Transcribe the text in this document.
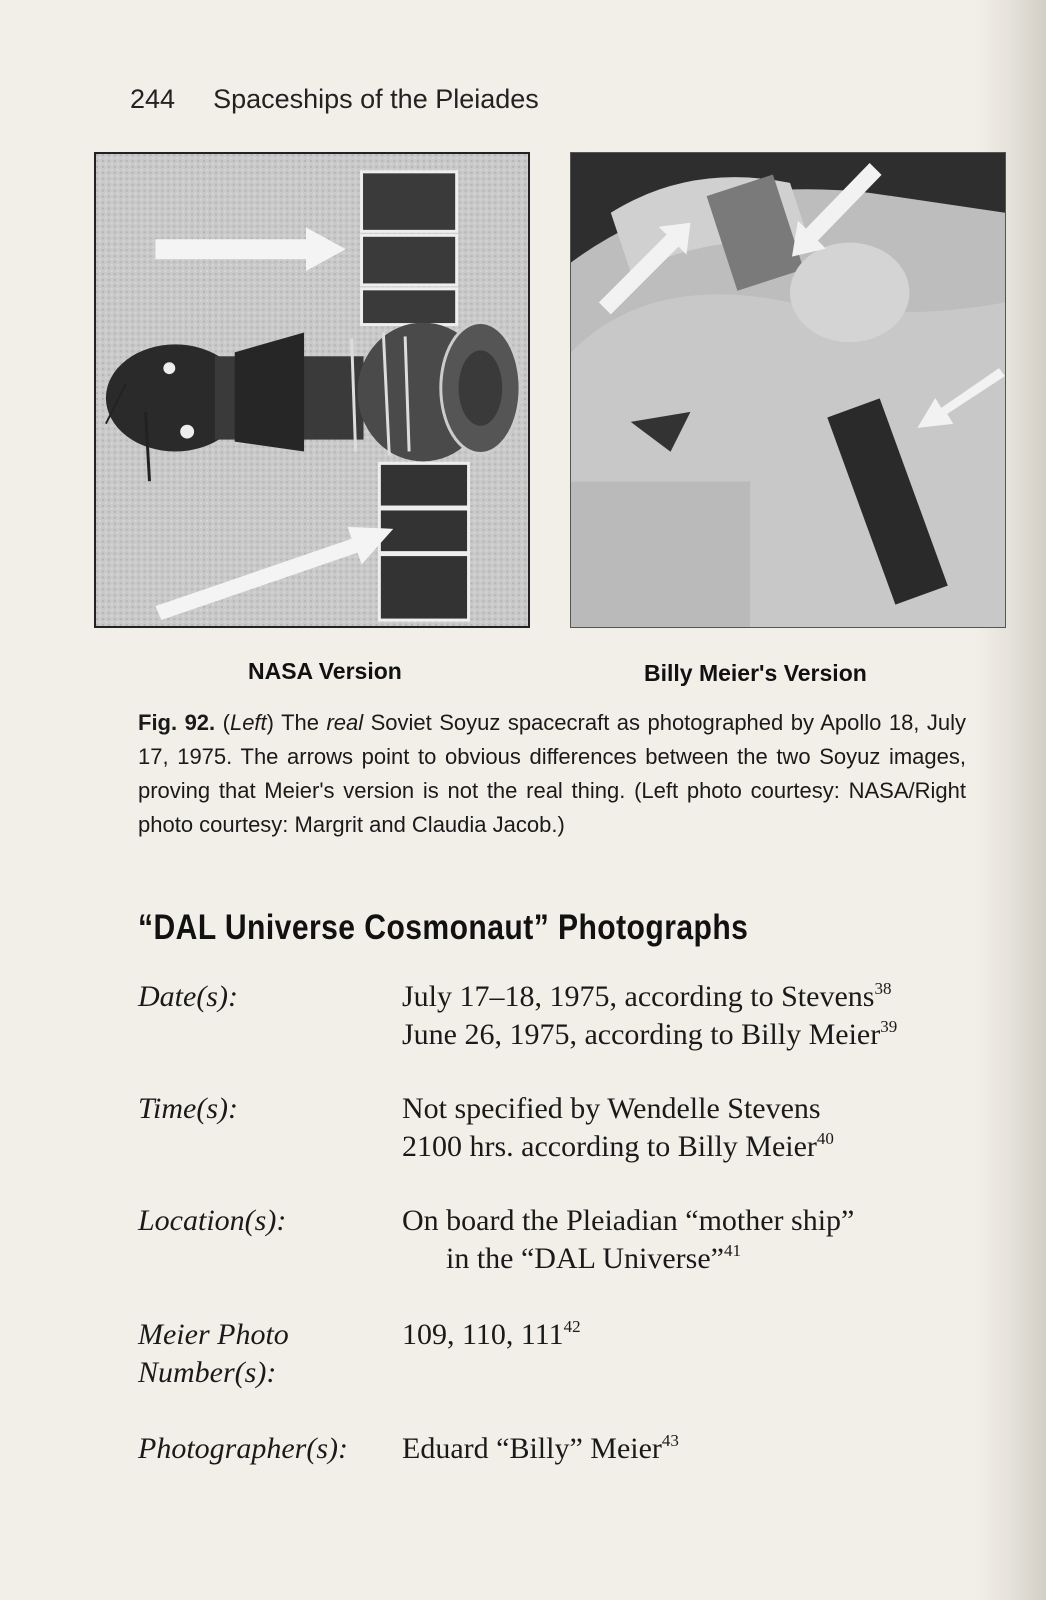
244 Spaceships of the Pleiades
NASA Version	Billy Meier's Version
Fig. 92. (Left) The real Soviet Soyuz spacecraft as photographed by Apollo 18, July 17, 1975. The arrows point to obvious differences between the two Soyuz images, proving that Meier's version is not the real thing. (Left photo courtesy: NASA/Right photo courtesy: Margrit and Claudia Jacob.)
“DAL Universe Cosmonaut” Photographs
Date(s):	July 17–18, 1975, according to Stevens$^{38}$
June 26, 1975, according to Billy Meier$^{39}$
Time(s):	Not specified by Wendelle Stevens
2100 hrs. according to Billy Meier$^{40}$
Location(s):	On board the Pleiadian “mother ship”
in the “DAL Universe”$^{41}$
Meier Photo
Number(s):
109, 110, $111^{42}$
Photographer(s):	Eduard “Billy” Meier$^{43}$
